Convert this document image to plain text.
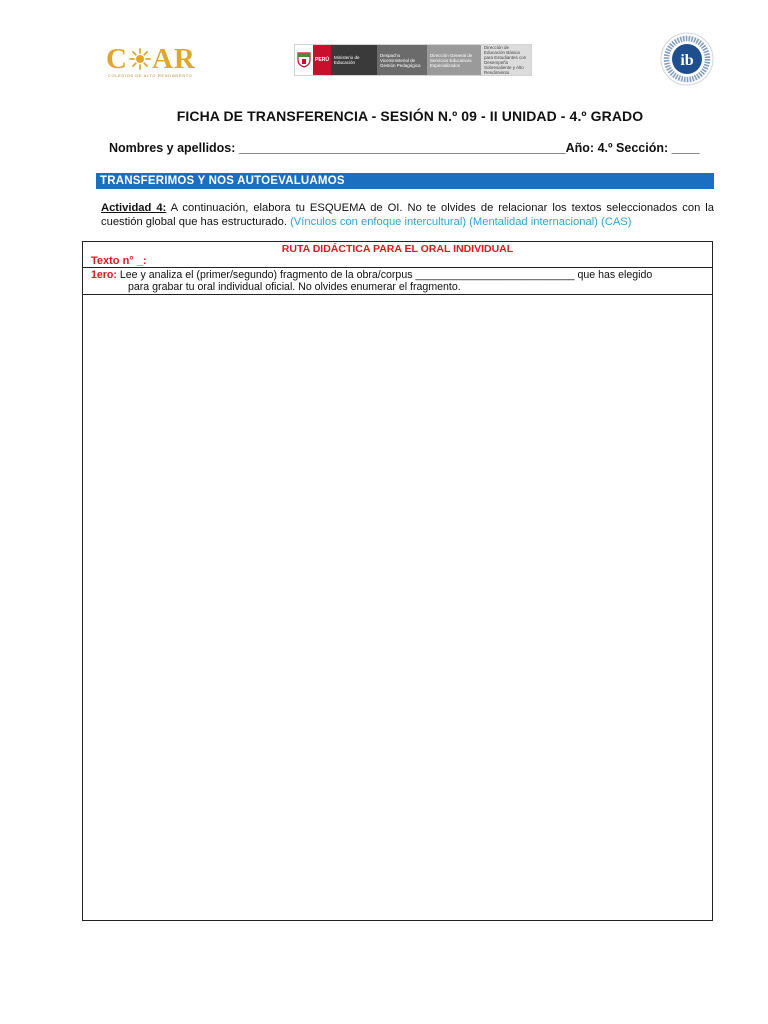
C AR
COLEGIOS DE ALTO RENDIMIENTO
PERÚ	Ministerio de Educación
Despacho Viceministerial de Gestión Pedagógica
Dirección General de Servicios Educativos Especializados
Dirección de Educación Básica para Estudiantes con Desempeño Sobresaliente y Alto Rendimiento
ib
FICHA DE TRANSFERENCIA - SESIÓN N.º 09 - II UNIDAD - 4.º GRADO
Nombres y apellidos: _______________________________________________Año: 4.º Sección: ____
TRANSFERIMOS Y NOS AUTOEVALUAMOS
Actividad 4: A continuación, elabora tu ESQUEMA de OI. No te olvides de relacionar los textos seleccionados con la cuestión global que has estructurado. (Vínculos con enfoque intercultural) (Mentalidad internacional) (CAS)
RUTA DIDÁCTICA PARA EL ORAL INDIVIDUAL
Texto n° _:
1ero: Lee y analiza el (primer/segundo) fragmento de la obra/corpus ___________________________ que has elegido
para grabar tu oral individual oficial. No olvides enumerar el fragmento.
